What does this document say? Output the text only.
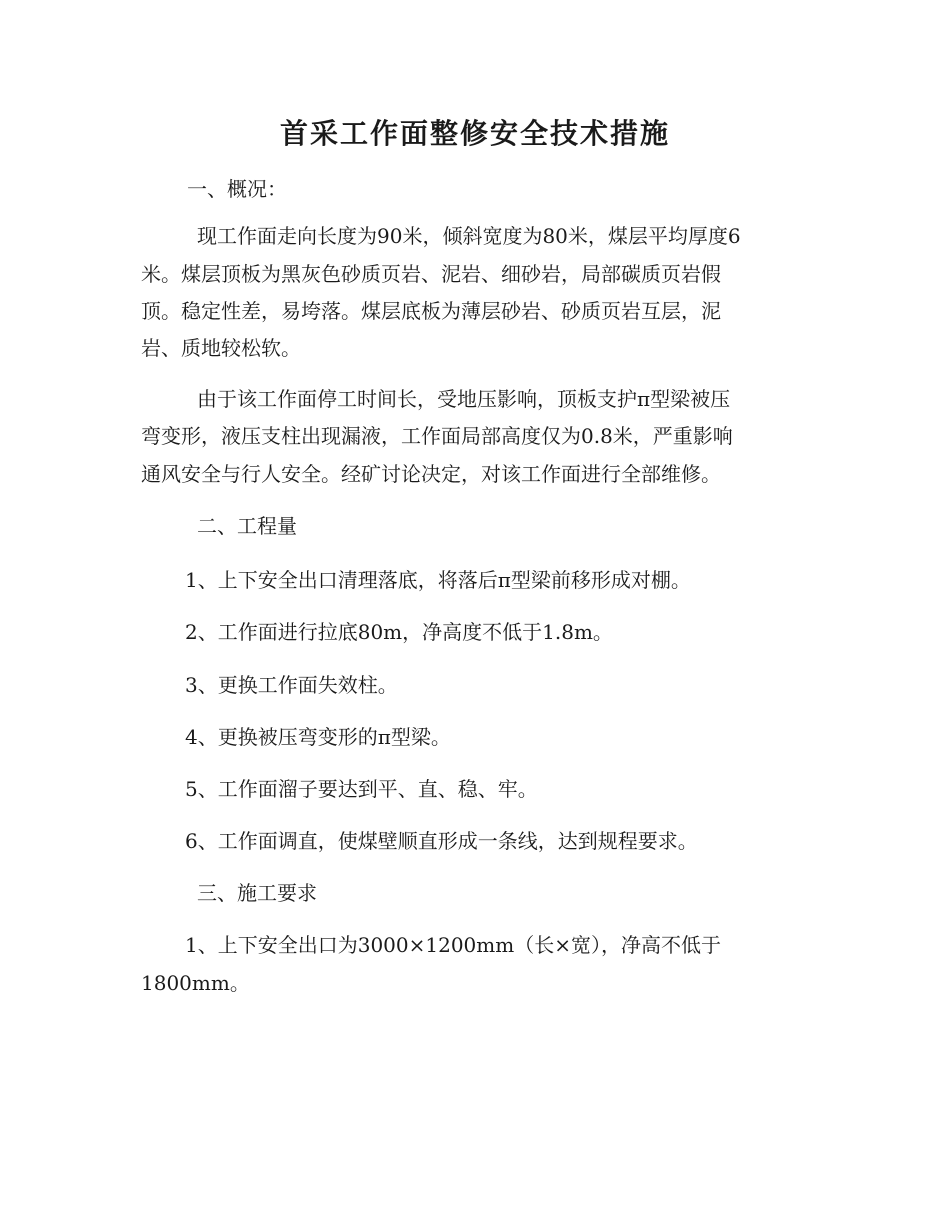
首采工作面整修安全技术措施
一、概况：
现工作面走向长度为90米，倾斜宽度为80米，煤层平均厚度6
米。煤层顶板为黑灰色砂质页岩、泥岩、细砂岩，局部碳质页岩假
顶。稳定性差，易垮落。煤层底板为薄层砂岩、砂质页岩互层，泥
岩、质地较松软。
由于该工作面停工时间长，受地压影响，顶板支护π型梁被压
弯变形，液压支柱出现漏液，工作面局部高度仅为0.8米，严重影响
通风安全与行人安全。经矿讨论决定，对该工作面进行全部维修。
二、工程量
1、上下安全出口清理落底，将落后π型梁前移形成对棚。
2、工作面进行拉底80m，净高度不低于1.8m。
3、更换工作面失效柱。
4、更换被压弯变形的π型梁。
5、工作面溜子要达到平、直、稳、牢。
6、工作面调直，使煤壁顺直形成一条线，达到规程要求。
三、施工要求
1、上下安全出口为3000×1200mm（长×宽），净高不低于
1800mm。
